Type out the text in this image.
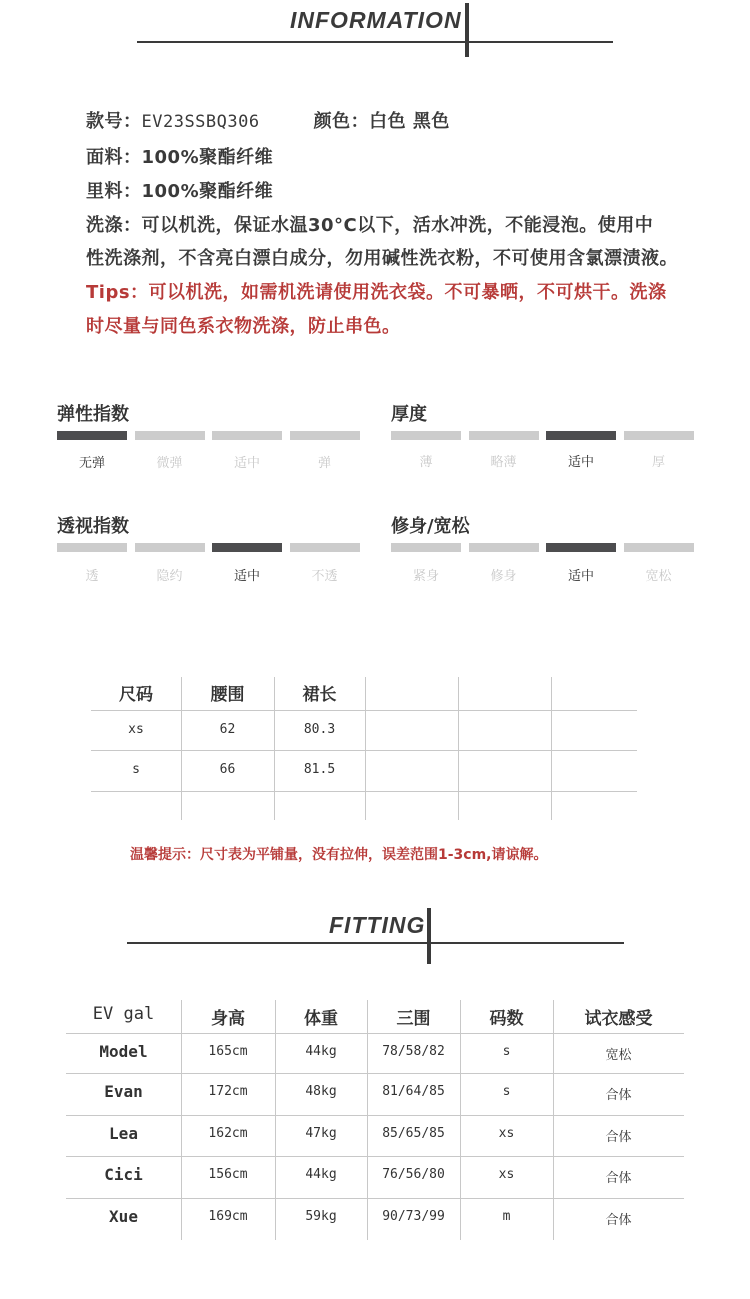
INFORMATION
款号：EV23SSBQ306	颜色：白色 黑色
面料：100%聚酯纤维
里料：100%聚酯纤维
洗涤：可以机洗，保证水温30°C以下，活水冲洗，不能浸泡。使用中
性洗涤剂，不含亮白漂白成分，勿用碱性洗衣粉，不可使用含氯漂渍液。
Tips：可以机洗，如需机洗请使用洗衣袋。不可暴晒，不可烘干。洗涤
时尽量与同色系衣物洗涤，防止串色。
弹性指数
无弹	微弹	适中	弹
厚度
薄	略薄	适中	厚
透视指数
透	隐约	适中	不透
修身/宽松
紧身	修身	适中	宽松
尺码	腰围	裙长
xs	62	80.3
s	66	81.5
温馨提示：尺寸表为平铺量，没有拉伸，误差范围1-3cm,请谅解。
FITTING
EV gal	身高	体重	三围	码数	试衣感受
Model	165cm	44kg	78/58/82	s	宽松
Evan	172cm	48kg	81/64/85	s	合体
Lea	162cm	47kg	85/65/85	xs	合体
Cici	156cm	44kg	76/56/80	xs	合体
Xue	169cm	59kg	90/73/99	m	合体
